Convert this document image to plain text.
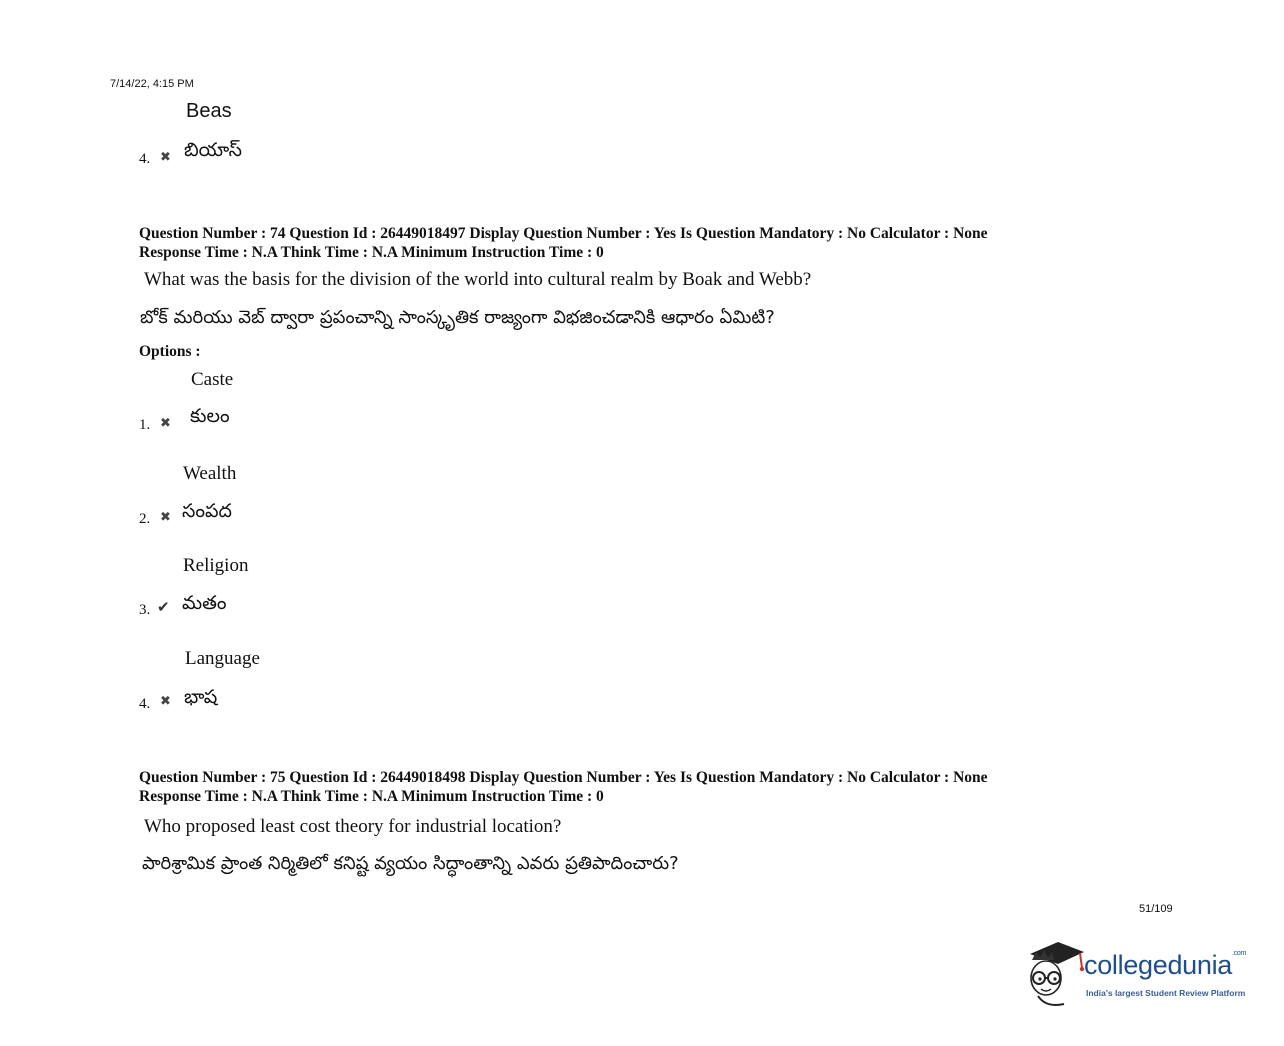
7/14/22, 4:15 PM
Beas
4. ✖ బియాస్
Question Number : 74 Question Id : 26449018497 Display Question Number : Yes Is Question Mandatory : No Calculator : None
Response Time : N.A Think Time : N.A Minimum Instruction Time : 0
What was the basis for the division of the world into cultural realm by Boak and Webb?
బోక్ మరియు వెబ్ ద్వారా ప్రపంచాన్ని సాంస్కృతిక రాజ్యంగా విభజించడానికి ఆధారం ఏమిటి?
Options :
Caste
1. ✖ కులం
Wealth
2. ✖ సంపద
Religion
3. ✔ మతం
Language
4. ✖ భాష
Question Number : 75 Question Id : 26449018498 Display Question Number : Yes Is Question Mandatory : No Calculator : None
Response Time : N.A Think Time : N.A Minimum Instruction Time : 0
Who proposed least cost theory for industrial location?
పారిశ్రామిక ప్రాంత నిర్మితిలో కనిష్ట వ్యయం సిద్ధాంతాన్ని ఎవరు ప్రతిపాదించారు?
51/109
collegedunia$^{.com}$
India's largest Student Review Platform
